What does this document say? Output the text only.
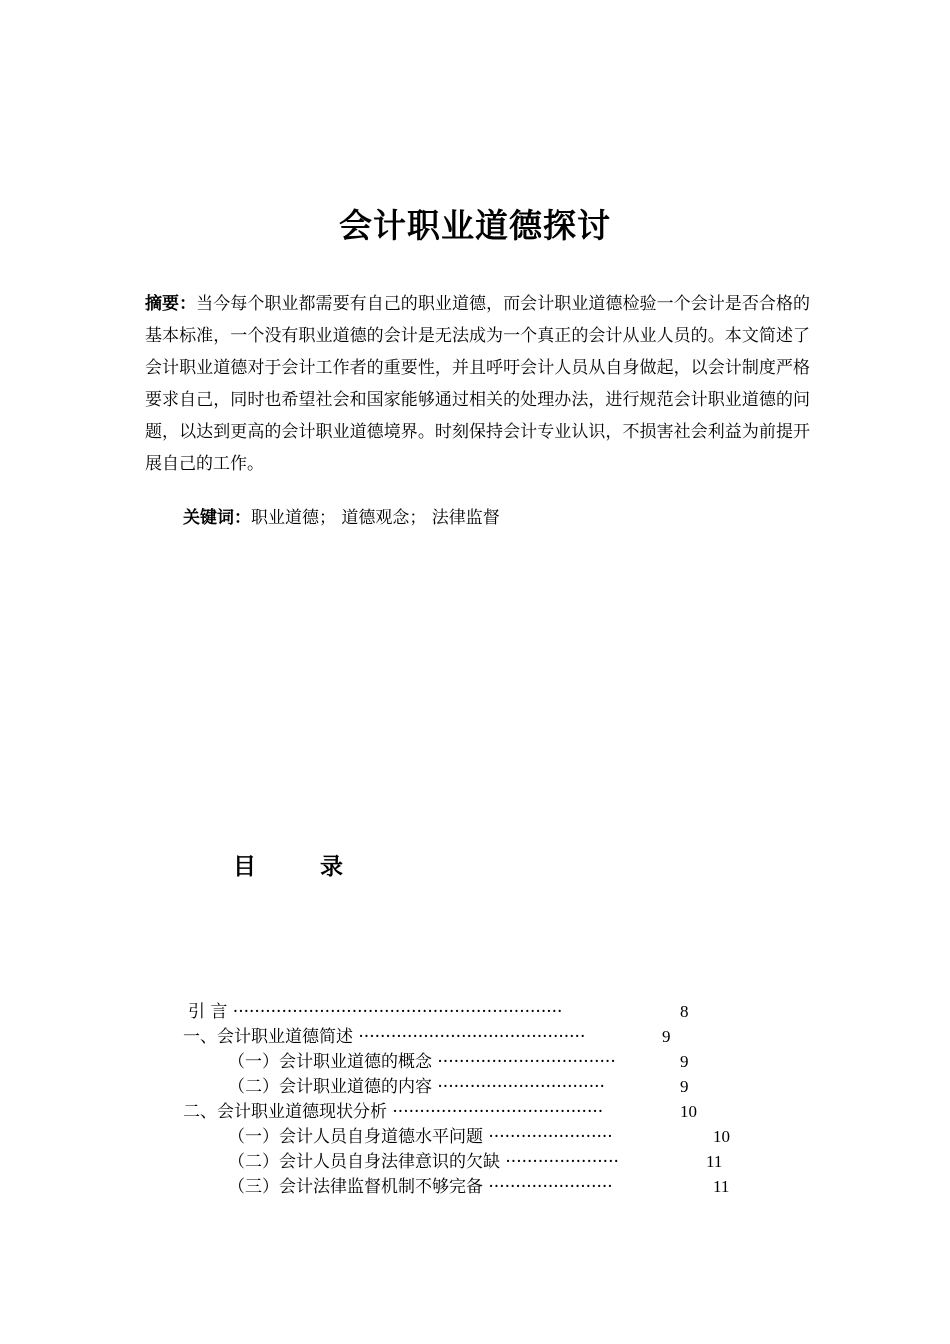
会计职业道德探讨
摘要：当今每个职业都需要有自己的职业道德，而会计职业道德检验一个会计是否合格的基本标准，一个没有职业道德的会计是无法成为一个真正的会计从业人员的。本文简述了会计职业道德对于会计工作者的重要性，并且呼吁会计人员从自身做起，以会计制度严格要求自己，同时也希望社会和国家能够通过相关的处理办法，进行规范会计职业道德的问题，以达到更高的会计职业道德境界。时刻保持会计专业认识，不损害社会利益为前提开展自己的工作。
关键词：职业道德； 道德观念； 法律监督
目	录
引 言 ·····························································	8
一、会计职业道德简述 ··········································	9
（一）会计职业道德的概念 ·································	9
（二）会计职业道德的内容 ·······························	9
二、会计职业道德现状分析 ·······································	10
（一）会计人员自身道德水平问题 ·······················	10
（二）会计人员自身法律意识的欠缺 ·····················	11
（三）会计法律监督机制不够完备 ·······················	11
